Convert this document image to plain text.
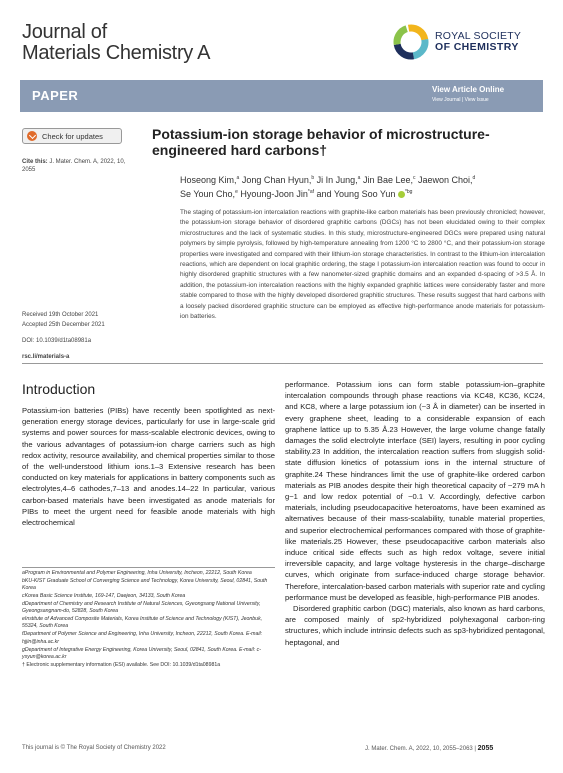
Journal of
Materials Chemistry A
ROYAL SOCIETY
OF CHEMISTRY
PAPER	View Article Online
View Journal | View Issue
Check for updates
Cite this: J. Mater. Chem. A, 2022, 10, 2055
Received 19th October 2021
Accepted 25th December 2021
DOI: 10.1039/d1ta08981a
rsc.li/materials-a
Potassium-ion storage behavior of microstructure-engineered hard carbons†
Hoseong Kim,$^a$ Jong Chan Hyun,$^b$ Ji In Jung,$^a$ Jin Bae Lee,$^c$ Jaewon Choi,$^d$
Se Youn Cho,$^e$ Hyoung-Joon Jin$^{*af}$ and Young Soo Yun $^{*bg}$
The staging of potassium-ion intercalation reactions with graphite-like carbon materials has been previously chronicled; however, the potassium-ion storage behavior of disordered graphitic carbons (DGCs) has not been elucidated owing to their complex microstructures and the lack of systematic studies. In this study, microstructure-engineered DGCs were prepared using natural polymers by simple pyrolysis, followed by high-temperature annealing from 1200 °C to 2800 °C, and their potassium-ion storage properties were investigated and compared with their lithium-ion storage characteristics. In contrast to the lithium-ion intercalation reactions, which are dependent on local graphitic ordering, the stage I potassium-ion intercalation reaction was found to occur in highly disordered graphitic structures with a few nanometer-sized graphitic domains and an expanded d-spacing of >3.5 Å. In addition, the potassium-ion intercalation reactions with the highly expanded graphitic lattices were considerably faster and more stable compared to those with the highly developed disordered graphitic structures. These results suggest that hard carbons with a loosely packed disordered graphitic structure can be employed as effective high-performance anode materials for potassium-ion batteries.
Introduction

Potassium-ion batteries (PIBs) have recently been spotlighted as next-generation energy storage devices, particularly for use in large-scale grid systems and power sources for mass-scalable electronic devices, owing to the various advantages of potassium-ion charge carriers such as high redox activity, resource availability, and chemical properties similar to those of the well-understood lithium ions.1–3 Extensive research has been conducted on key materials for applications in battery components such as electrolytes,4–6 cathodes,7–13 and anodes.14–22 In particular, various carbon-based materials have been investigated as anode materials for PIBs to meet the urgent need for feasible anode materials with high electrochemical

performance. Potassium ions can form stable potassium-ion–graphite intercalation compounds through phase reactions via KC48, KC36, KC24, and KC8, where a large potassium ion (~3 Å in diameter) can be inserted in every graphene sheet, leading to a considerable expansion of each graphene lattice up to 5.35 Å.23 However, the large volume change fatally damages the solid electrolyte interface (SEI) layers, resulting in poor cycling stability.23 In addition, the intercalation reaction suffers from sluggish solid-state diffusion kinetics of potassium ions in the internal structure of graphite.24 These hindrances limit the use of graphite-like ordered carbon materials as PIB anodes despite their high theoretical capacity of ~279 mA h g−1 and low redox potential of ~0.1 V. Accordingly, defective carbon materials, including pseudocapacitive heteroatoms, have been examined as alternatives because of their mass-scalability, tunable material properties, and superior electrochemical performances compared with those of graphite-like materials.25 However, these pseudocapacitive carbon materials also induce critical side effects such as high redox voltage, severe initial irreversible capacity, and large voltage hysteresis in the charge–discharge curves, which originate from surface-induced charge storage behavior. Therefore, intercalation-based carbon materials with superior rate and cycling performance must be developed as feasible, high-performance PIB anodes.

Disordered graphitic carbon (DGC) materials, also known as hard carbons, are composed mainly of sp2-hybridized polyhexagonal carbon-ring structures, which include intrinsic defects such as sp3-hybridized pentagonal, heptagonal, and

aProgram in Environmental and Polymer Engineering, Inha University, Incheon, 22212, South Korea
bKU-KIST Graduate School of Converging Science and Technology, Korea University, Seoul, 02841, South Korea
cKorea Basic Science Institute, 169-147, Daejeon, 34133, South Korea
dDepartment of Chemistry and Research Institute of Natural Sciences, Gyeongsang National University, Gyeongsangnam-do, 52828, South Korea
eInstitute of Advanced Composite Materials, Korea Institute of Science and Technology (KIST), Jeonbuk, 55324, South Korea
fDepartment of Polymer Science and Engineering, Inha University, Incheon, 22212, South Korea. E-mail: hjjin@inha.ac.kr
gDepartment of Integrative Energy Engineering, Korea University, Seoul, 02841, South Korea. E-mail: c-ysyun@korea.ac.kr
† Electronic supplementary information (ESI) available. See DOI: 10.1039/d1ta08981a
This journal is © The Royal Society of Chemistry 2022	J. Mater. Chem. A, 2022, 10, 2055–2063 | 2055
